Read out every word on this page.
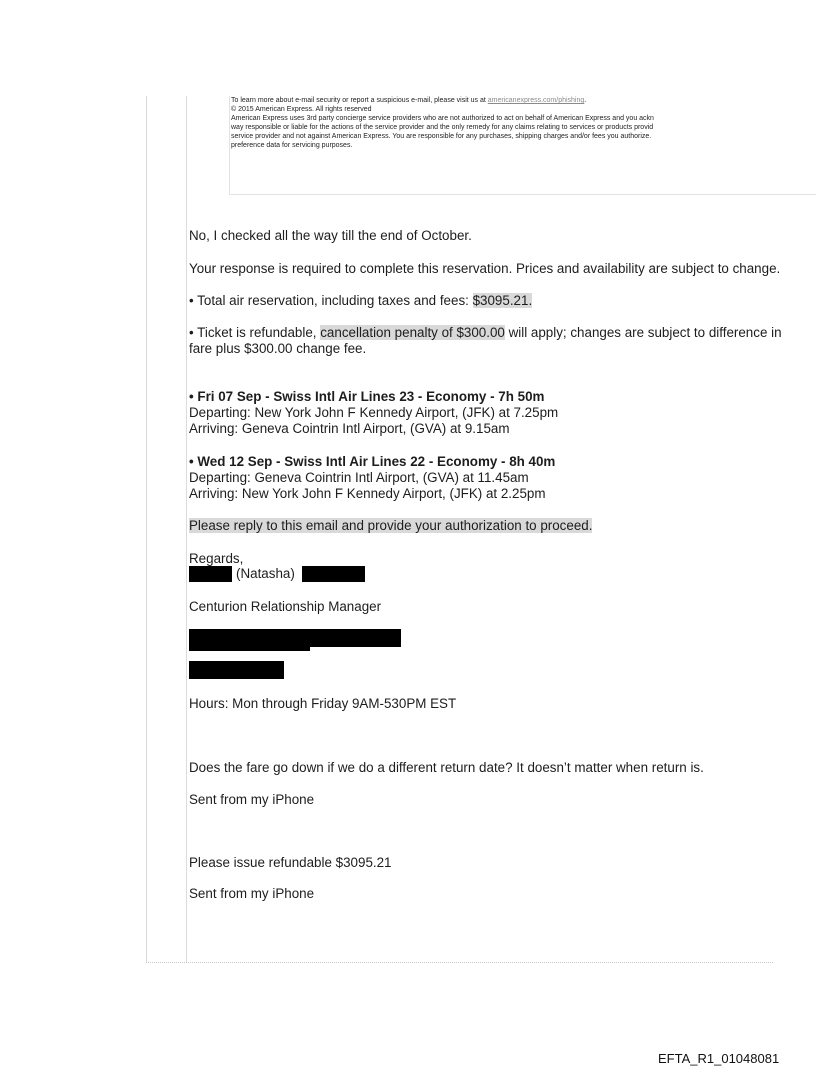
To learn more about e-mail security or report a suspicious e-mail, please visit us at americanexpress.com/phishing.
© 2015 American Express. All rights reserved
American Express uses 3rd party concierge service providers who are not authorized to act on behalf of American Express and you ackn
way responsible or liable for the actions of the service provider and the only remedy for any claims relating to services or products provid
service provider and not against American Express. You are responsible for any purchases, shipping charges and/or fees you authorize.
preference data for servicing purposes.
No, I checked all the way till the end of October.
Your response is required to complete this reservation. Prices and availability are subject to change.
• Total air reservation, including taxes and fees: $3095.21.
• Ticket is refundable, cancellation penalty of $300.00 will apply; changes are subject to difference in
fare plus $300.00 change fee.
• Fri 07 Sep - Swiss Intl Air Lines 23 - Economy - 7h 50m
Departing: New York John F Kennedy Airport, (JFK) at 7.25pm
Arriving: Geneva Cointrin Intl Airport, (GVA) at 9.15am
• Wed 12 Sep - Swiss Intl Air Lines 22 - Economy - 8h 40m
Departing: Geneva Cointrin Intl Airport, (GVA) at 11.45am
Arriving: New York John F Kennedy Airport, (JFK) at 2.25pm
Please reply to this email and provide your authorization to proceed.
Regards,
(Natasha)
Centurion Relationship Manager
Hours: Mon through Friday 9AM-530PM EST
Does the fare go down if we do a different return date? It doesn’t matter when return is.
Sent from my iPhone
Please issue refundable $3095.21
Sent from my iPhone
EFTA_R1_01048081
